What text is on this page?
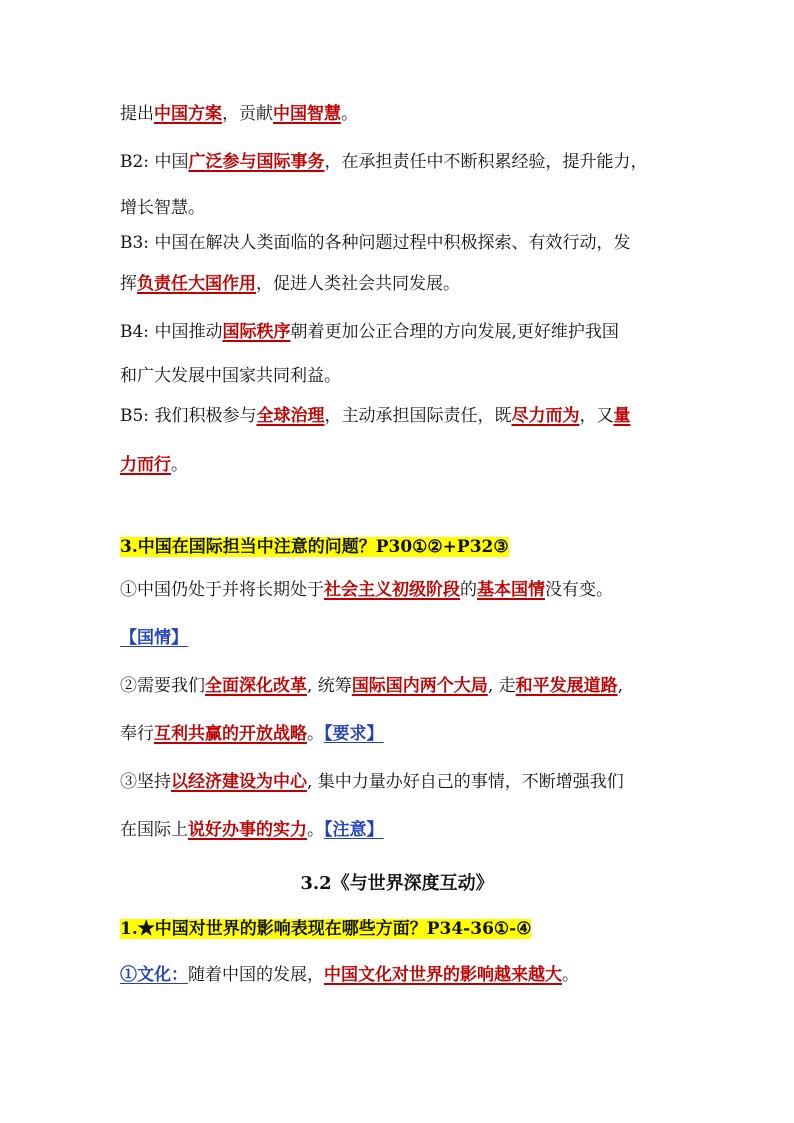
提出中国方案，贡献中国智慧。
B2: 中国广泛参与国际事务，在承担责任中不断积累经验，提升能力，
增长智慧。
B3: 中国在解决人类面临的各种问题过程中积极探索、有效行动，发
挥负责任大国作用，促进人类社会共同发展。
B4: 中国推动国际秩序朝着更加公正合理的方向发展,更好维护我国
和广大发展中国家共同利益。
B5: 我们积极参与全球治理，主动承担国际责任，既尽力而为，又量
力而行。
3.中国在国际担当中注意的问题？P30①②+P32③
①中国仍处于并将长期处于社会主义初级阶段的基本国情没有变。
【国情】
②需要我们全面深化改革, 统筹国际国内两个大局, 走和平发展道路,
奉行互利共赢的开放战略。【要求】
③坚持以经济建设为中心, 集中力量办好自己的事情，不断增强我们
在国际上说好办事的实力。【注意】
3.2《与世界深度互动》
1.★中国对世界的影响表现在哪些方面？P34-36①-④
①文化：随着中国的发展，中国文化对世界的影响越来越大。
